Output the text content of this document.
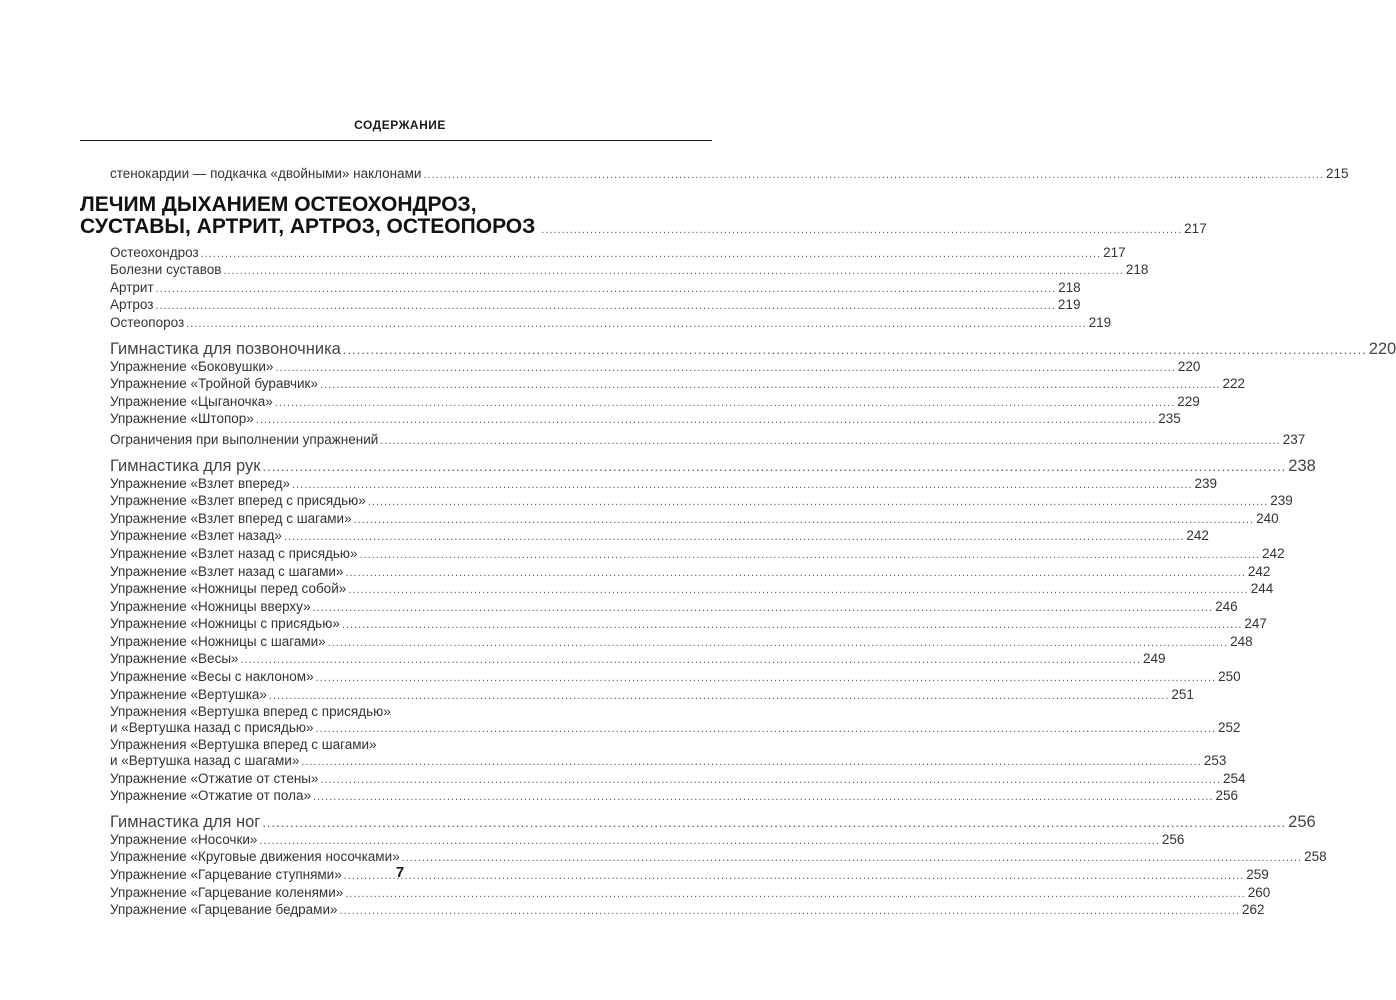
СОДЕРЖАНИЕ
стенокардии — подкачка «двойными» наклонами .....	215
ЛЕЧИМ ДЫХАНИЕМ ОСТЕОХОНДРОЗ,
СУСТАВЫ, АРТРИТ, АРТРОЗ, ОСТЕОПОРОЗ .....	217
Остеохондроз .....	217
Болезни суставов .....	218
Артрит .....	218
Артроз .....	219
Остеопороз .....	219
Гимнастика для позвоночника .....	220
Упражнение «Боковушки» .....	220
Упражнение «Тройной буравчик» .....	222
Упражнение «Цыганочка» .....	229
Упражнение «Штопор» .....	235
Ограничения при выполнении упражнений .....	237
Гимнастика для рук .....	238
Упражнение «Взлет вперед» .....	239
Упражнение «Взлет вперед с присядью» .....	239
Упражнение «Взлет вперед с шагами» .....	240
Упражнение «Взлет назад» .....	242
Упражнение «Взлет назад с присядью» .....	242
Упражнение «Взлет назад с шагами» .....	242
Упражнение «Ножницы перед собой» .....	244
Упражнение «Ножницы вверху» .....	246
Упражнение «Ножницы с присядью» .....	247
Упражнение «Ножницы с шагами» .....	248
Упражнение «Весы» .....	249
Упражнение «Весы с наклоном» .....	250
Упражнение «Вертушка» .....	251
Упражнения «Вертушка вперед с присядью»
и «Вертушка назад с присядью» .....	252
Упражнения «Вертушка вперед с шагами»
и «Вертушка назад с шагами» .....	253
Упражнение «Отжатие от стены» .....	254
Упражнение «Отжатие от пола» .....	256
Гимнастика для ног .....	256
Упражнение «Носочки» .....	256
Упражнение «Круговые движения носочками» .....	258
Упражнение «Гарцевание ступнями» .....	259
Упражнение «Гарцевание коленями» .....	260
Упражнение «Гарцевание бедрами» .....	262
7
